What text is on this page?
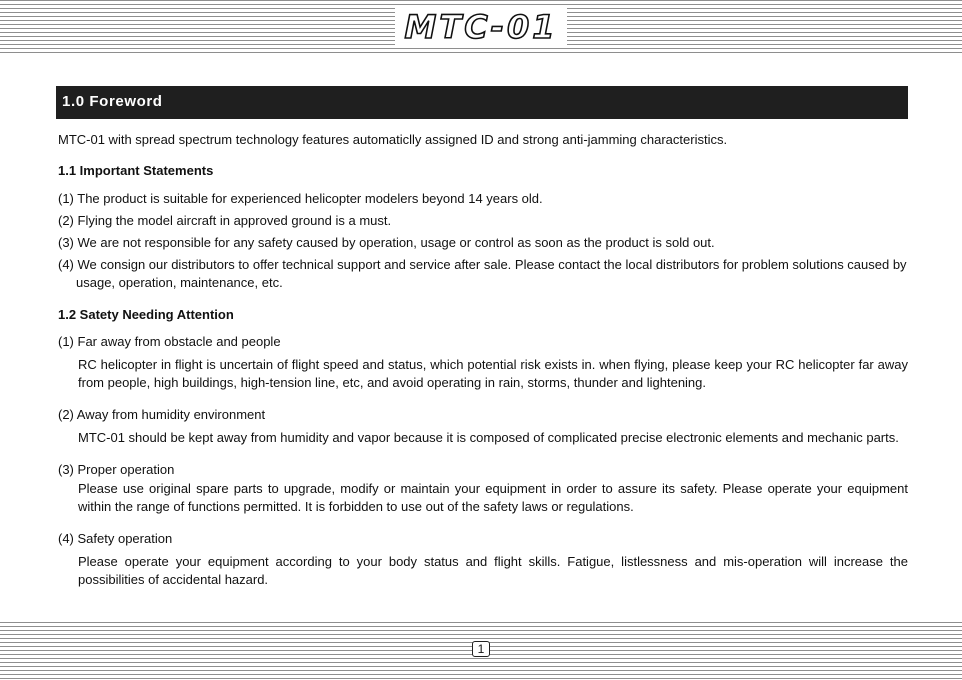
MTC-01
1.0 Foreword

MTC-01 with spread spectrum technology features automaticlly assigned ID and strong anti-jamming characteristics.

1.1 Important Statements

(1) The product is suitable for experienced helicopter modelers beyond 14 years old.

(2) Flying the model aircraft in approved ground is a must.

(3) We are not responsible for any safety caused by operation, usage or control as soon as the product is sold out.

(4) We consign our distributors to offer technical support and service after sale. Please contact the local distributors for problem solutions caused by usage, operation, maintenance, etc.

1.2 Satety Needing Attention

(1) Far away from obstacle and people

RC helicopter in flight is uncertain of flight speed and status, which potential risk exists in. when flying, please keep your RC helicopter far away from people, high buildings, high-tension line, etc, and avoid operating in rain, storms, thunder and lightening.

(2) Away from humidity environment

MTC-01 should be kept away from humidity and vapor because it is composed of complicated precise electronic elements and mechanic parts.

(3) Proper operation

Please use original spare parts to upgrade, modify or maintain your equipment in order to assure its safety. Please operate your equipment within the range of functions permitted. It is forbidden to use out of the safety laws or regulations.

(4) Safety operation

Please operate your equipment according to your body status and flight skills. Fatigue, listlessness and mis-operation will increase the possibilities of accidental hazard.

1
